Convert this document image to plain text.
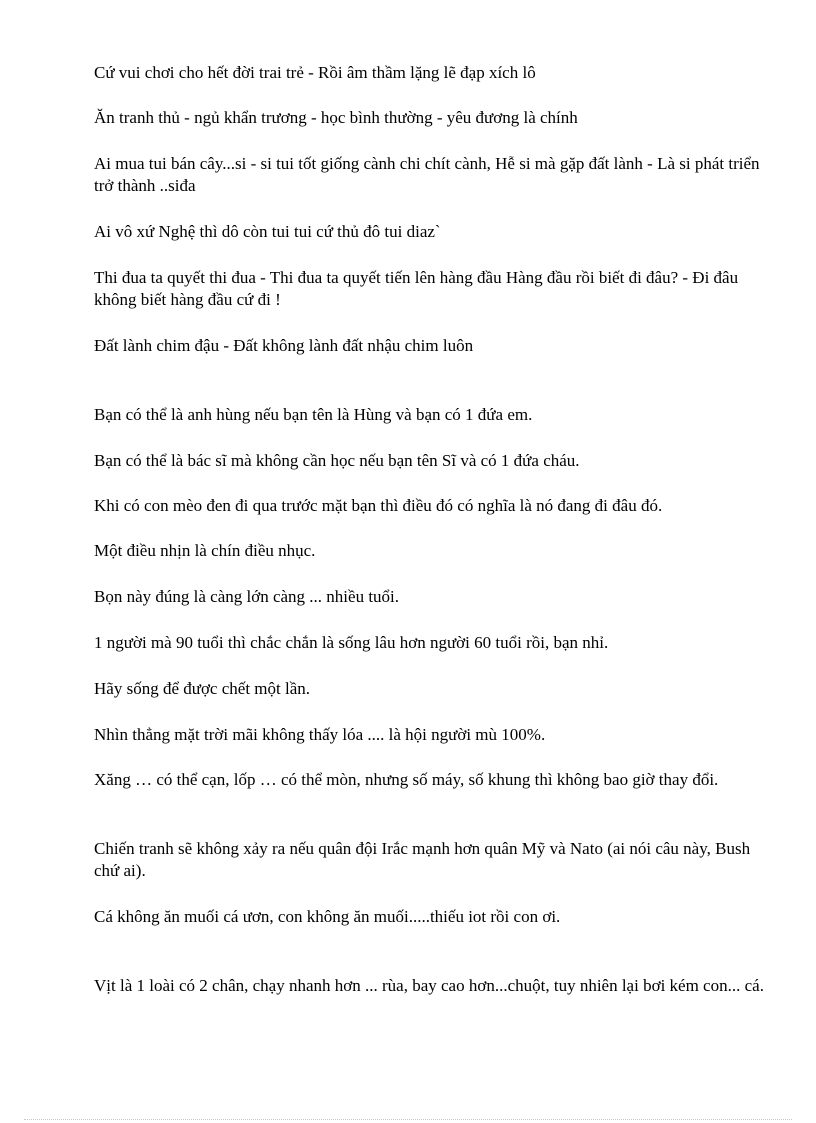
Cứ vui chơi cho hết đời trai trẻ - Rồi âm thầm lặng lẽ đạp xích lô

Ăn tranh thủ - ngủ khẩn trương - học bình thường - yêu đương là chính

Ai mua tui bán cây...si - si tui tốt giống cành chi chít cành, Hễ si mà gặp đất lành - Là si phát triển trở thành ..siđa

Ai vô xứ Nghệ thì dô còn tui tui cứ thủ đô tui diaz`

Thi đua ta quyết thi đua - Thi đua ta quyết tiến lên hàng đầu Hàng đầu rồi biết đi đâu? - Đi đâu không biết hàng đầu cứ đi !

Đất lành chim đậu - Đất không lành đất nhậu chim luôn

Bạn có thể là anh hùng nếu bạn tên là Hùng và bạn có 1 đứa em.

Bạn có thể là bác sĩ mà không cần học nếu bạn tên Sĩ và có 1 đứa cháu.

Khi có con mèo đen đi qua trước mặt bạn thì điều đó có nghĩa là nó đang đi đâu đó.

Một điều nhịn là chín điều nhục.

Bọn này đúng là càng lớn càng ... nhiều tuổi.

1 người mà 90 tuổi thì chắc chắn là sống lâu hơn người 60 tuổi rồi, bạn nhỉ.

Hãy sống để được chết một lần.

Nhìn thẳng mặt trời mãi không thấy lóa .... là hội người mù 100%.

Xăng … có thể cạn, lốp … có thể mòn, nhưng số máy, số khung thì không bao giờ thay đổi.

Chiến tranh sẽ không xảy ra nếu quân đội Irắc mạnh hơn quân Mỹ và Nato (ai nói câu này, Bush chứ ai).

Cá không ăn muối cá ươn, con không ăn muối.....thiếu iot rồi con ơi.

Vịt là 1 loài có 2 chân, chạy nhanh hơn ... rùa, bay cao hơn...chuột, tuy nhiên lại bơi kém con... cá.
